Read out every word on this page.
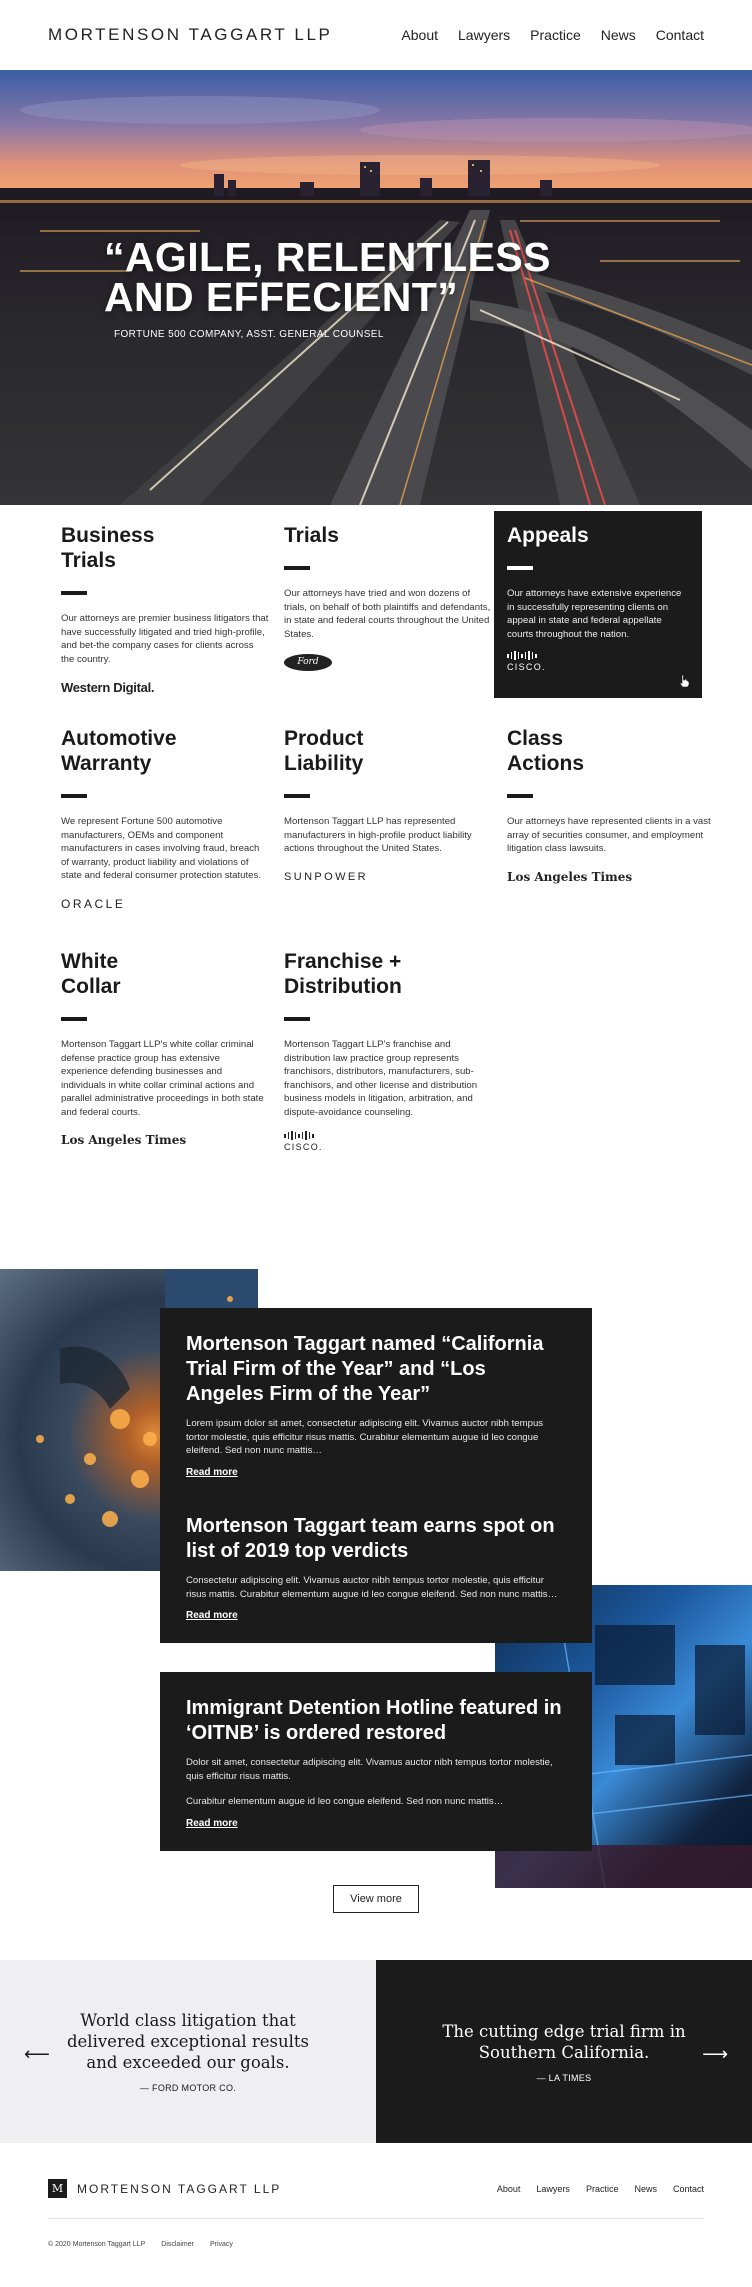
MORTENSON TAGGART LLP	About Lawyers Practice News Contact
“AGILE, RELENTLESS
AND EFFECIENT”
FORTUNE 500 COMPANY, ASST. GENERAL COUNSEL
Business
Trials
Our attorneys are premier business litigators that have successfully litigated and tried high-profile, and bet-the company cases for clients across the country.
Western Digital.
Trials
Our attorneys have tried and won dozens of trials, on behalf of both plaintiffs and defendants, in state and federal courts throughout the United States.
Ford
Appeals
Our attorneys have extensive experience in successfully representing clients on appeal in state and federal appellate courts throughout the nation.
CISCO.
Automotive
Warranty
We represent Fortune 500 automotive manufacturers, OEMs and component manufacturers in cases involving fraud, breach of warranty, product liability and violations of state and federal consumer protection statutes.
ORACLE
Product
Liability
Mortenson Taggart LLP has represented manufacturers in high-profile product liability actions throughout the United States.
SUNPOWER
Class
Actions
Our attorneys have represented clients in a vast array of securities consumer, and employment litigation class lawsuits.
Los Angeles Times
White
Collar
Mortenson Taggart LLP’s white collar criminal defense practice group has extensive experience defending businesses and individuals in white collar criminal actions and parallel administrative proceedings in both state and federal courts.
Los Angeles Times
Franchise +
Distribution
Mortenson Taggart LLP’s franchise and distribution law practice group represents franchisors, distributors, manufacturers, sub-franchisors, and other license and distribution business models in litigation, arbitration, and dispute-avoidance counseling.
CISCO.
Mortenson Taggart named “California Trial Firm of the Year” and “Los Angeles Firm of the Year”

Lorem ipsum dolor sit amet, consectetur adipiscing elit. Vivamus auctor nibh tempus tortor molestie, quis efficitur risus mattis. Curabitur elementum augue id leo congue eleifend. Sed non nunc mattis…

Read more
Mortenson Taggart team earns spot on list of 2019 top verdicts

Consectetur adipiscing elit. Vivamus auctor nibh tempus tortor molestie, quis efficitur risus mattis. Curabitur elementum augue id leo congue eleifend. Sed non nunc mattis…

Read more
Immigrant Detention Hotline featured in ‘OITNB’ is ordered restored

Dolor sit amet, consectetur adipiscing elit. Vivamus auctor nibh tempus tortor molestie, quis efficitur risus mattis.

Curabitur elementum augue id leo congue eleifend. Sed non nunc mattis…

Read more
View more
⟵
World class litigation that
delivered exceptional results
and exceeded our goals.
— FORD MOTOR CO.
The cutting edge trial firm in
Southern California.
— LA TIMES
⟶
M	MORTENSON TAGGART LLP	About Lawyers Practice News Contact
© 2020 Mortenson Taggart LLP Disclaimer Privacy
